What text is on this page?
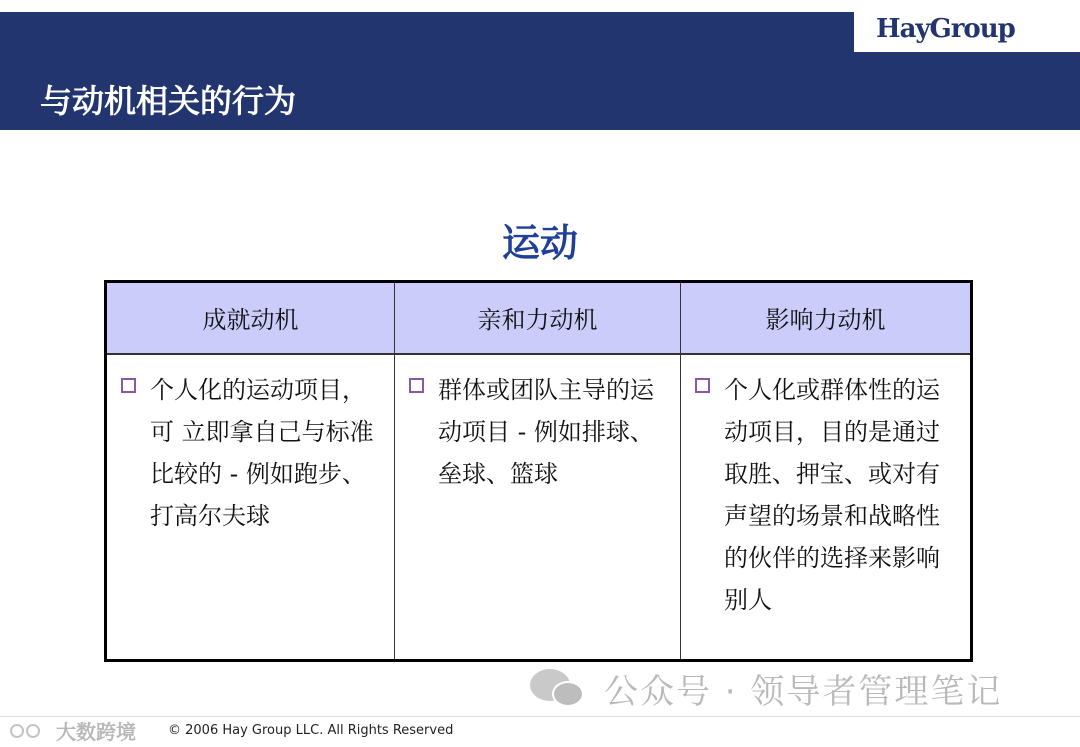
与动机相关的行为
HayGroup
运动
成就动机	亲和力动机	影响力动机

个人化的运动项目，可 立即拿自己与标准比较的 - 例如跑步、打高尔夫球	群体或团队主导的运动项目 - 例如排球、垒球、篮球	个人化或群体性的运动项目，目的是通过取胜、押宝、或对有声望的场景和战略性的伙伴的选择来影响别人
公众号 · 领导者管理笔记
大数跨境 © 2006 Hay Group LLC. All Rights Reserved
